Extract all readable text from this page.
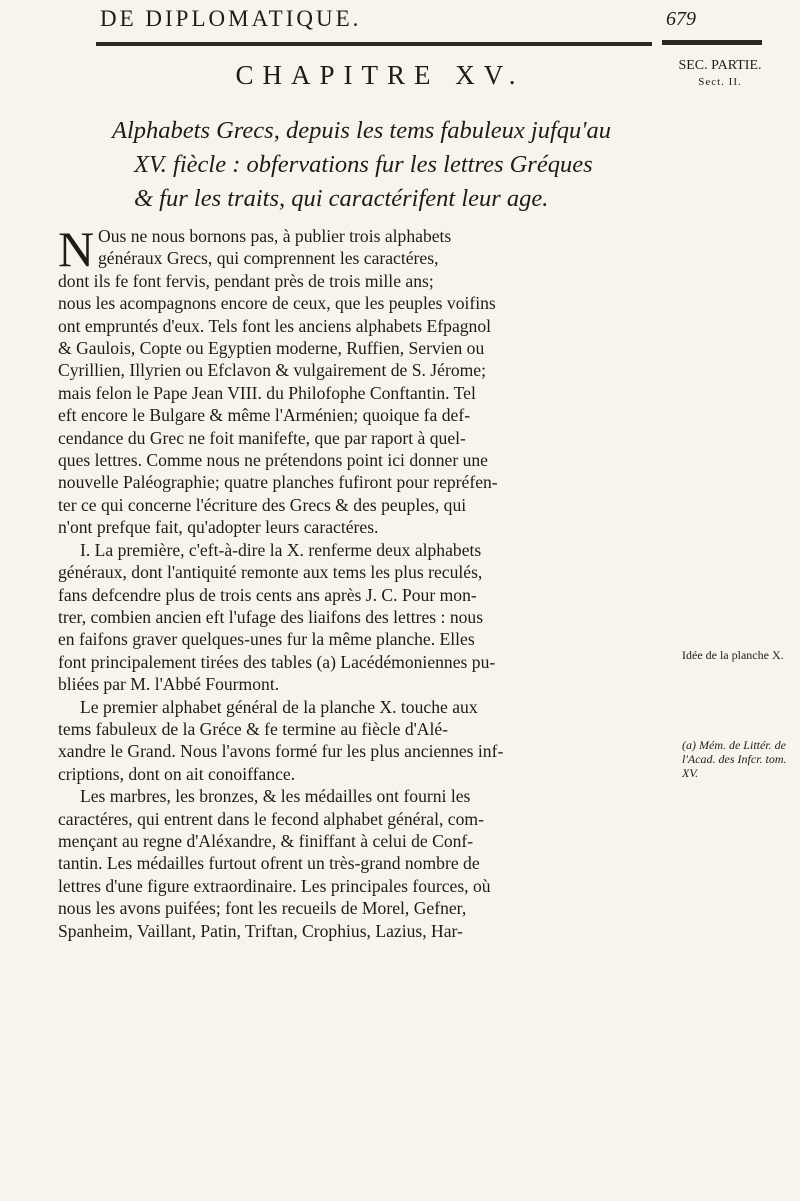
DE DIPLOMATIQUE.	679
SEC. PARTIE.
Sect. II.
CHAPITRE XV.
Alphabets Grecs, depuis les tems fabuleux jufqu'au
XV. fiècle : obfervations fur les lettres Gréques
& fur les traits, qui caractérifent leur age.
N Ous ne nous bornons pas, à publier trois alphabets
généraux Grecs, qui comprennent les caractéres,
dont ils fe font fervis, pendant près de trois mille ans;
nous les acompagnons encore de ceux, que les peuples voifins
ont empruntés d'eux. Tels font les anciens alphabets Efpagnol
& Gaulois, Copte ou Egyptien moderne, Ruffien, Servien ou
Cyrillien, Illyrien ou Efclavon & vulgairement de S. Jérome;
mais felon le Pape Jean VIII. du Philofophe Conftantin. Tel
eft encore le Bulgare & même l'Arménien; quoique fa def-
cendance du Grec ne foit manifefte, que par raport à quel-
ques lettres. Comme nous ne prétendons point ici donner une
nouvelle Paléographie; quatre planches fufiront pour repréfen-
ter ce qui concerne l'écriture des Grecs & des peuples, qui
n'ont prefque fait, qu'adopter leurs caractéres.
I. La première, c'eft-à-dire la X. renferme deux alphabets
généraux, dont l'antiquité remonte aux tems les plus reculés,
fans defcendre plus de trois cents ans après J. C. Pour mon-
trer, combien ancien eft l'ufage des liaifons des lettres : nous
en faifons graver quelques-unes fur la même planche. Elles
font principalement tirées des tables (a) Lacédémoniennes pu-
bliées par M. l'Abbé Fourmont.
Le premier alphabet général de la planche X. touche aux
tems fabuleux de la Gréce & fe termine au fiècle d'Alé-
xandre le Grand. Nous l'avons formé fur les plus anciennes inf-
criptions, dont on ait conoiffance.
Les marbres, les bronzes, & les médailles ont fourni les
caractéres, qui entrent dans le fecond alphabet général, com-
mençant au regne d'Aléxandre, & finiffant à celui de Conf-
tantin. Les médailles furtout ofrent un très-grand nombre de
lettres d'une figure extraordinaire. Les principales fources, où
nous les avons puifées; font les recueils de Morel, Gefner,
Spanheim, Vaillant, Patin, Triftan, Crophius, Lazius, Har-
Idée de la planche X.
(a) Mém. de Littér. de l'Acad. des Infcr. tom. XV.
